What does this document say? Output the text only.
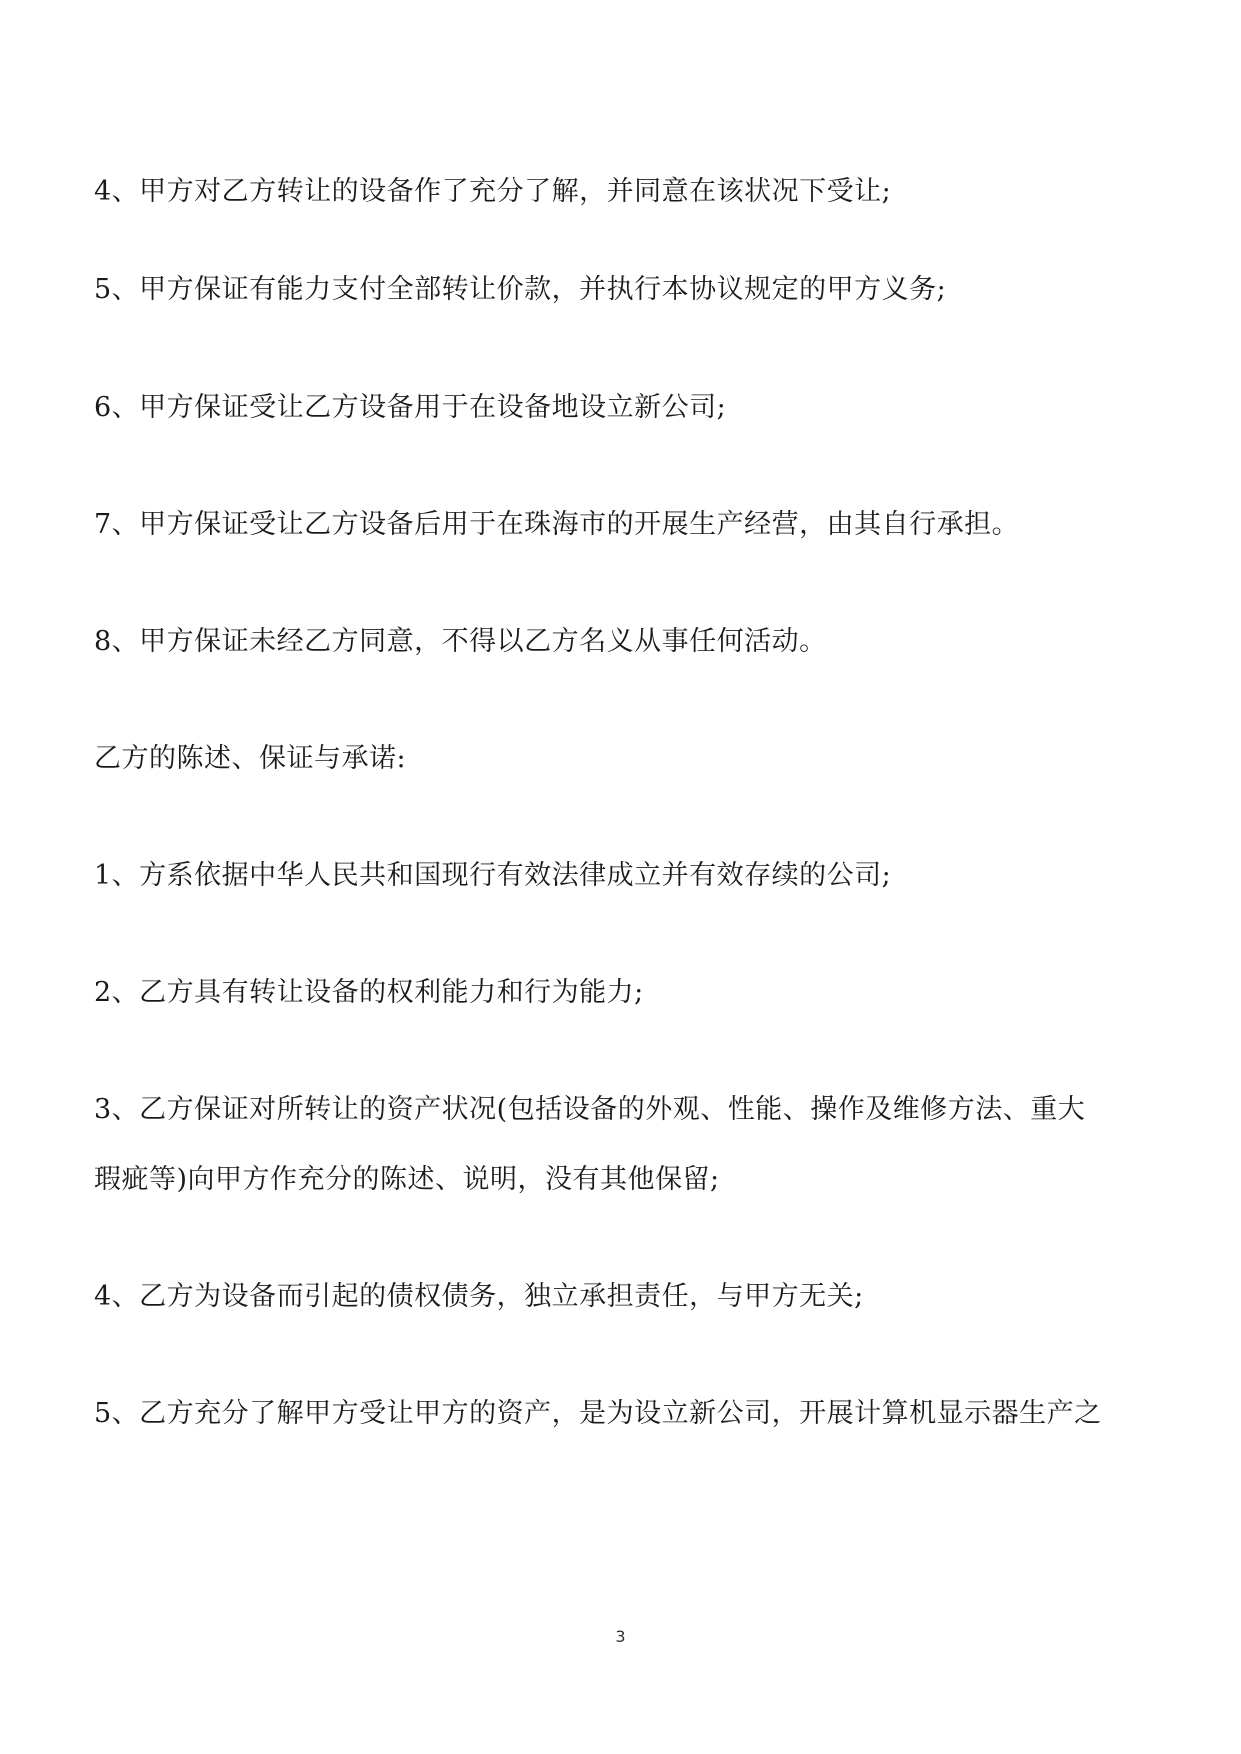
4、甲方对乙方转让的设备作了充分了解，并同意在该状况下受让;

5、甲方保证有能力支付全部转让价款，并执行本协议规定的甲方义务;

6、甲方保证受让乙方设备用于在设备地设立新公司;

7、甲方保证受让乙方设备后用于在珠海市的开展生产经营，由其自行承担。

8、甲方保证未经乙方同意，不得以乙方名义从事任何活动。

乙方的陈述、保证与承诺:

1、方系依据中华人民共和国现行有效法律成立并有效存续的公司;

2、乙方具有转让设备的权利能力和行为能力;

3、乙方保证对所转让的资产状况(包括设备的外观、性能、操作及维修方法、重大

瑕疵等)向甲方作充分的陈述、说明，没有其他保留;

4、乙方为设备而引起的债权债务，独立承担责任，与甲方无关;

5、乙方充分了解甲方受让甲方的资产，是为设立新公司，开展计算机显示器生产之

3
